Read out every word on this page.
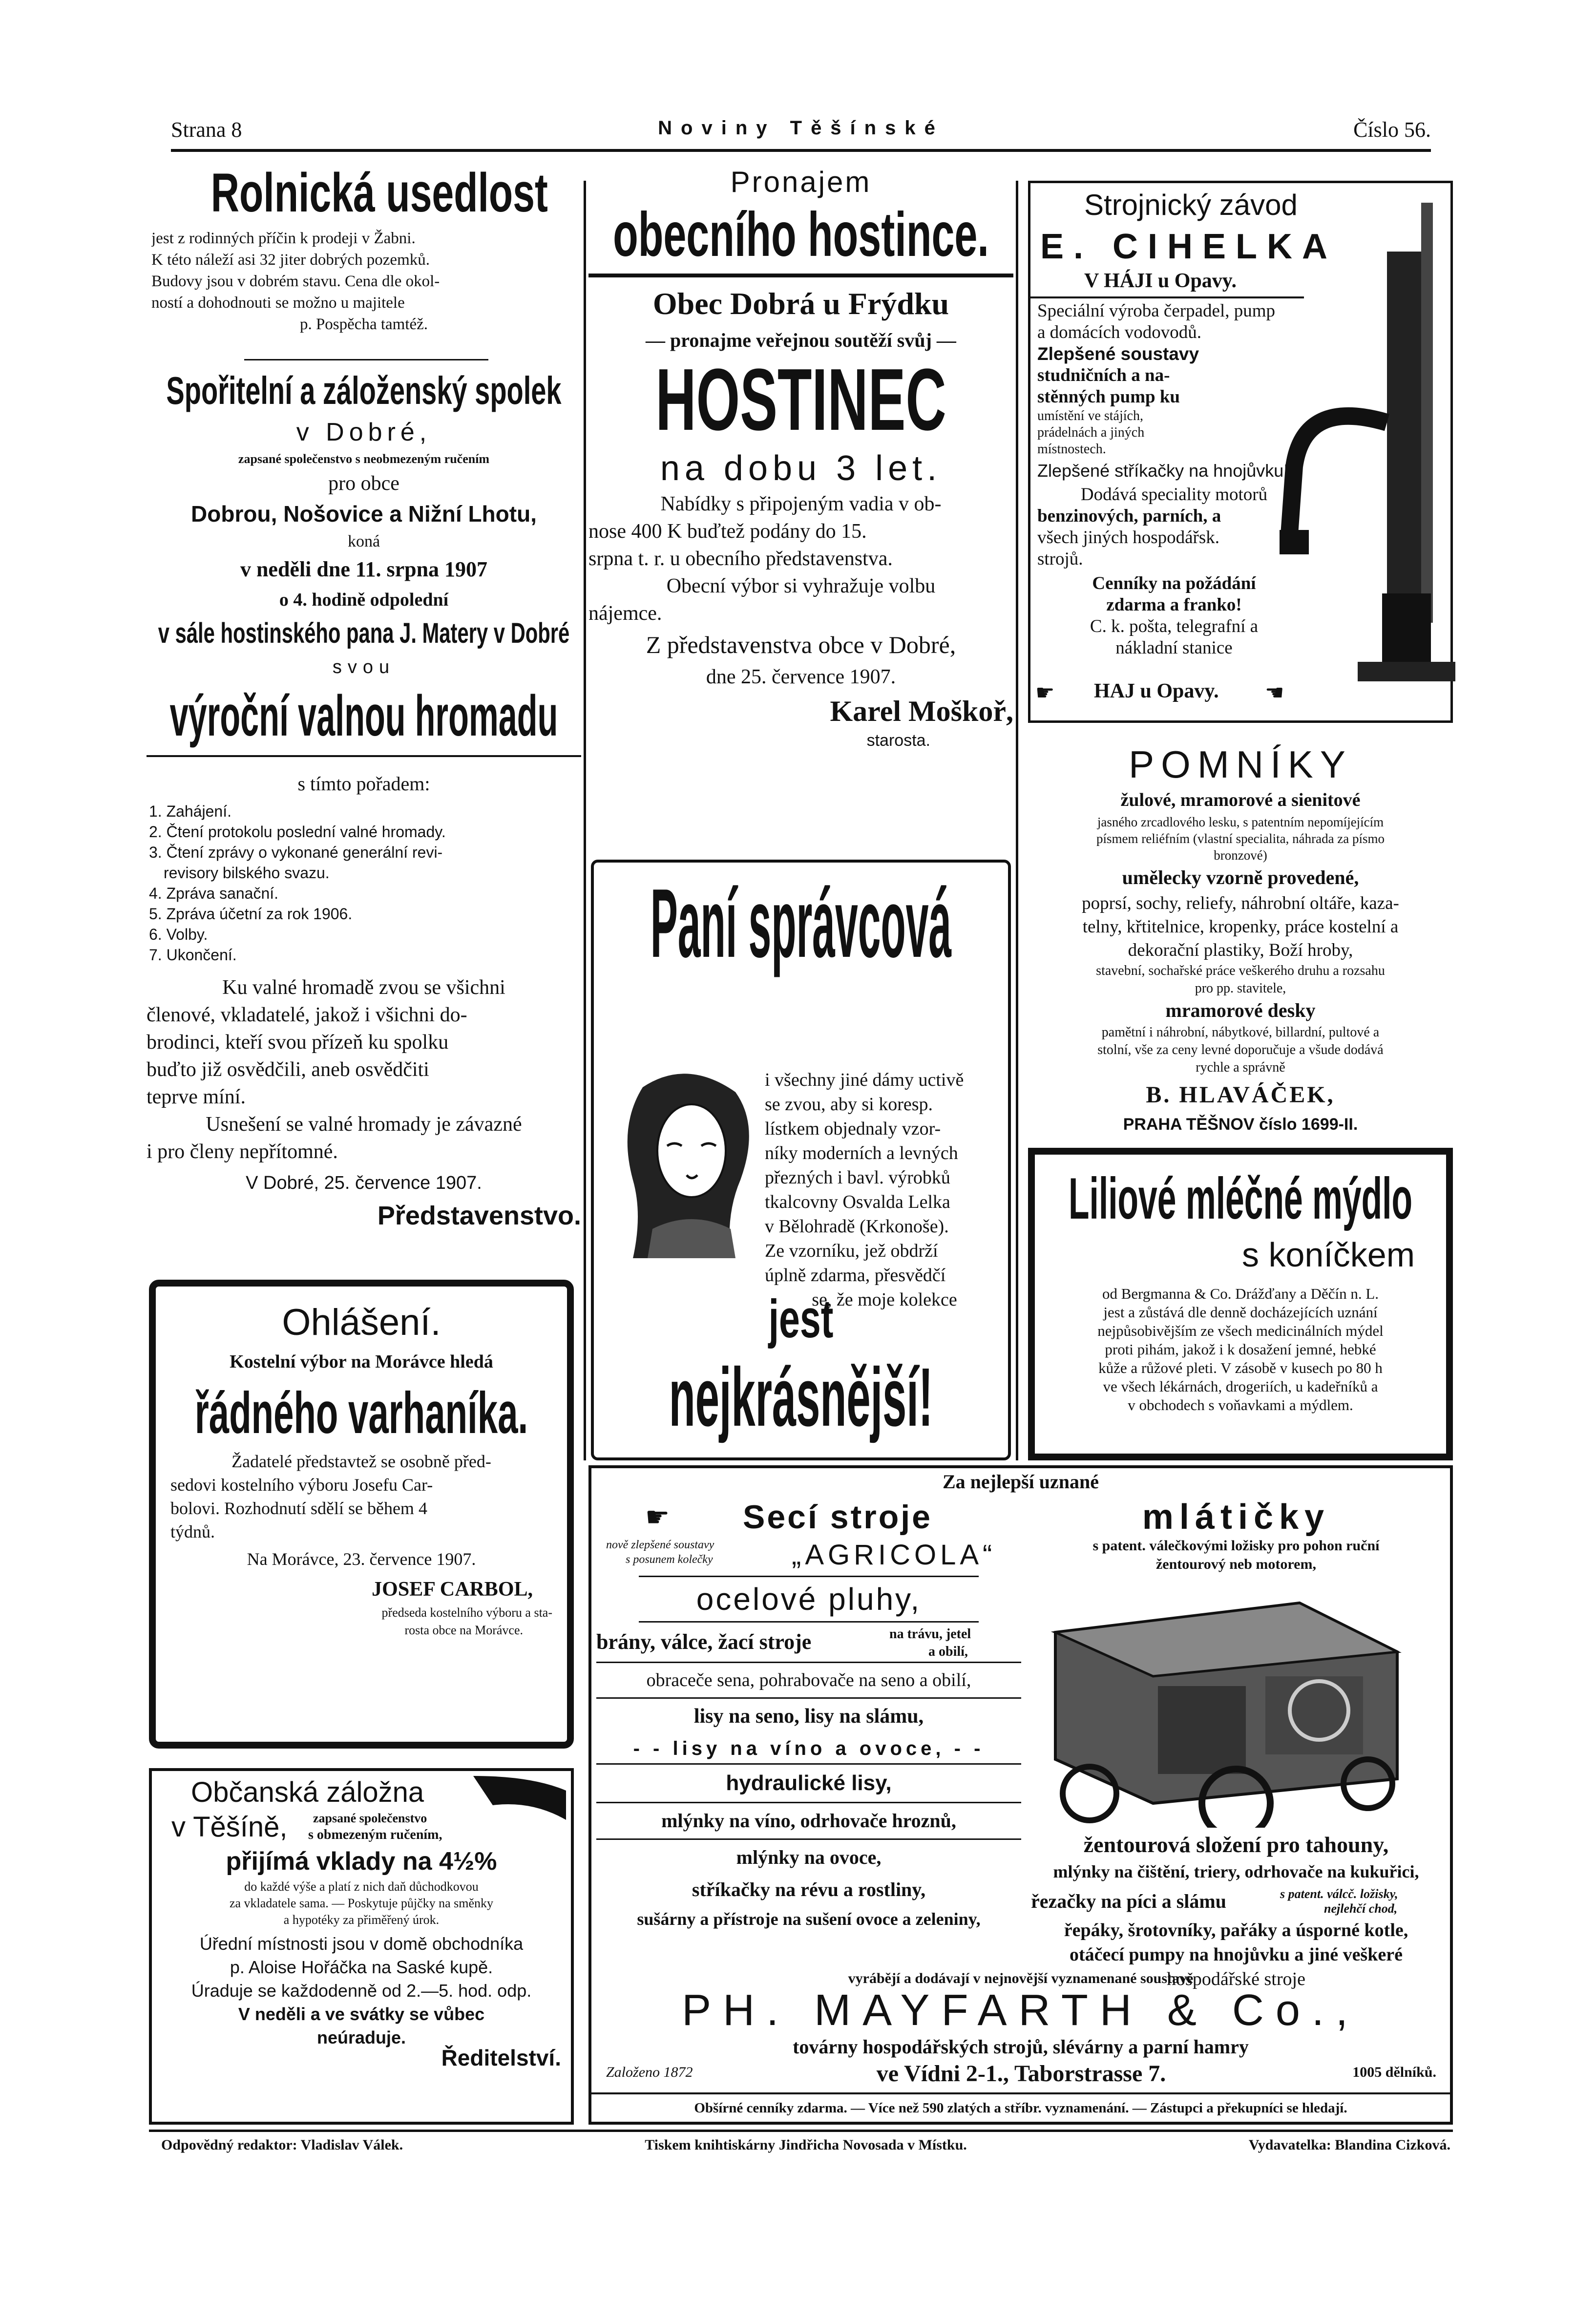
Strana 8	Noviny Těšínské	Číslo 56.
Rolnická usedlost
jest z rodinných příčin k prodeji v Žabni.
K této náleží asi 32 jiter dobrých pozemků.
Budovy jsou v dobrém stavu. Cena dle okol-
ností a dohodnouti se možno u majitele
p. Pospěcha tamtéž.
Spořitelní a záloženský spolek
v Dobré,
zapsané společenstvo s neobmezeným ručením
pro obce
Dobrou, Nošovice a Nižní Lhotu,
koná
v neděli dne 11. srpna 1907
o 4. hodině odpolední
v sále hostinského pana J. Matery v Dobré
svou
výroční valnou hromadu
s tímto pořadem:
1. Zahájení.
2. Čtení protokolu poslední valné hromady.
3. Čtení zprávy o vykonané generální revi-
revisory bilského svazu.
4. Zpráva sanační.
5. Zpráva účetní za rok 1906.
6. Volby.
7. Ukončení.
Ku valné hromadě zvou se všichni
členové, vkladatelé, jakož i všichni do-
brodinci, kteří svou přízeň ku spolku
buďto již osvědčili, aneb osvědčiti
teprve míní.
Usnešení se valné hromady je závazné
i pro členy nepřítomné.
V Dobré, 25. července 1907.
Představenstvo.
Ohlášení.
Kostelní výbor na Morávce hledá
řádného varhaníka.
Žadatelé představtež se osobně před-
sedovi kostelního výboru Josefu Car-
bolovi. Rozhodnutí sdělí se během 4
týdnů.
Na Morávce, 23. července 1907.
JOSEF CARBOL,
předseda kostelního výboru a sta-
rosta obce na Morávce.
Občanská záložna
v Těšíně, zapsané společenstvo
s obmezeným ručením,
přijímá vklady na 4½%
do každé výše a platí z nich daň důchodkovou
za vkladatele sama. — Poskytuje půjčky na směnky
a hypotéky za přiměřený úrok.
Úřední místnosti jsou v domě obchodníka
p. Aloise Hořáčka na Saské kupě.
Úraduje se každodenně od 2.—5. hod. odp.
V neděli a ve svátky se vůbec
neúraduje.
Ředitelství.
Pronajem
obecního hostince.
Obec Dobrá u Frýdku
— pronajme veřejnou soutěží svůj —
HOSTINEC
na dobu 3 let.
Nabídky s připojeným vadia v ob-
nose 400 K buďtež podány do 15.
srpna t. r. u obecního představenstva.
Obecní výbor si vyhražuje volbu
nájemce.
Z představenstva obce v Dobré,
dne 25. července 1907.
Karel Moškoř,
starosta.
Paní správcová
i všechny jiné dámy uctivě
se zvou, aby si koresp.
lístkem objednaly vzor-
níky moderních a levných
přezných i bavl. výrobků
tkalcovny Osvalda Lelka
v Bělohradě (Krkonoše).
Ze vzorníku, jež obdrží
úplně zdarma, přesvědčí
se, že moje kolekce
jest
nejkrásnější!
Strojnický závod
E. CIHELKA
V HÁJI u Opavy.
Speciální výroba čerpadel, pump
a domácích vodovodů.
Zlepšené soustavy
studničních a na-
stěnných pump ku
umístění ve stájích,
prádelnách a jiných
místnostech.
Zlepšené stříkačky na hnojůvku!
Dodává speciality motorů
benzinových, parních, a
všech jiných hospodářsk.
strojů.
Cenníky na požádání
zdarma a franko!
C. k. pošta, telegrafní a
nákladní stanice
☛ HAJ u Opavy. ☚
POMNÍKY
žulové, mramorové a sienitové
jasného zrcadlového lesku, s patentním nepomíjejícím
písmem reliéfním (vlastní specialita, náhrada za písmo
bronzové)
umělecky vzorně provedené,
poprsí, sochy, reliefy, náhrobní oltáře, kaza-
telny, křtitelnice, kropenky, práce kostelní a
dekorační plastiky, Boží hroby,
stavební, sochařské práce veškerého druhu a rozsahu
pro pp. stavitele,
mramorové desky
pamětní i náhrobní, nábytkové, billardní, pultové a
stolní, vše za ceny levné doporučuje a všude dodává
rychle a správně
B. HLAVÁČEK,
PRAHA TĚŠNOV číslo 1699-II.
Liliové mléčné mýdlo
s koníčkem
od Bergmanna & Co. Drážďany a Děčín n. L.
jest a zůstává dle denně docházejících uznání
nejpůsobivějším ze všech medicinálních mýdel
proti pihám, jakož i k dosažení jemné, hebké
kůže a růžové pleti. V zásobě v kusech po 80 h
ve všech lékárnách, drogeriích, u kadeřníků a
v obchodech s voňavkami a mýdlem.
Za nejlepší uznané
☛ Secí stroje
nově zlepšené soustavy
s posunem kolečky	„AGRICOLA“
ocelové pluhy,
brány, válce, žací stroje	na trávu, jetel
a obilí,
obraceče sena, pohrabovače na seno a obilí,
lisy na seno, lisy na slámu,
- - lisy na víno a ovoce, - -
hydraulické lisy,
mlýnky na víno, odrhovače hroznů,
mlýnky na ovoce,
stříkačky na révu a rostliny,
sušárny a přístroje na sušení ovoce a zeleniny,
mlátičky
s patent. válečkovými ložisky pro pohon ruční
žentourový neb motorem,
žentourová složení pro tahouny,
mlýnky na čištění, triery, odrhovače na kukuřici,
řezačky na píci a slámu	s patent. válcč. ložisky,
nejlehčí chod,
řepáky, šrotovníky, pařáky a úsporné kotle,
otáčecí pumpy na hnojůvku a jiné veškeré
hospodářské stroje
vyrábějí a dodávají v nejnovější vyznamenané soustavě
PH. MAYFARTH & Co.,
továrny hospodářských strojů, slévárny a parní hamry
Založeno 1872	ve Vídni 2-1., Taborstrasse 7.	1005 dělníků.
Obšírné cenníky zdarma. — Více než 590 zlatých a stříbr. vyznamenání. — Zástupci a překupníci se hledají.
Odpovědný redaktor: Vladislav Válek.	Tiskem knihtiskárny Jindřicha Novosada v Místku.	Vydavatelka: Blandina Cizková.
